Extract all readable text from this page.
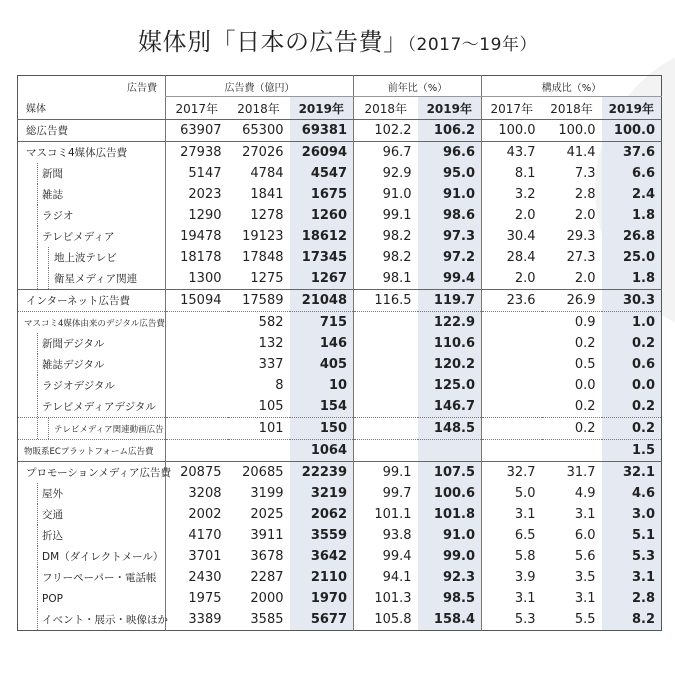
媒体別「日本の広告費」（2017〜19年）
広告費	広告費（億円）			前年比（%）		構成比（%）		
媒体	2017年	2018年	2019年	2018年	2019年	2017年	2018年	2019年
総広告費	63907	65300	69381	102.2	106.2	100.0	100.0	100.0
マスコミ4媒体広告費	27938	27026	26094	96.7	96.6	43.7	41.4	37.6
新聞	5147	4784	4547	92.9	95.0	8.1	7.3	6.6
雑誌	2023	1841	1675	91.0	91.0	3.2	2.8	2.4
ラジオ	1290	1278	1260	99.1	98.6	2.0	2.0	1.8
テレビメディア	19478	19123	18612	98.2	97.3	30.4	29.3	26.8
地上波テレビ	18178	17848	17345	98.2	97.2	28.4	27.3	25.0
衛星メディア関連	1300	1275	1267	98.1	99.4	2.0	2.0	1.8
インターネット広告費	15094	17589	21048	116.5	119.7	23.6	26.9	30.3
マスコミ4媒体由来のデジタル広告費		582	715		122.9		0.9	1.0
新聞デジタル		132	146		110.6		0.2	0.2
雑誌デジタル		337	405		120.2		0.5	0.6
ラジオデジタル		8	10		125.0		0.0	0.0
テレビメディアデジタル		105	154		146.7		0.2	0.2
テレビメディア関連動画広告		101	150		148.5		0.2	0.2
物販系ECプラットフォーム広告費			1064					1.5
プロモーションメディア広告費	20875	20685	22239	99.1	107.5	32.7	31.7	32.1
屋外	3208	3199	3219	99.7	100.6	5.0	4.9	4.6
交通	2002	2025	2062	101.1	101.8	3.1	3.1	3.0
折込	4170	3911	3559	93.8	91.0	6.5	6.0	5.1
DM（ダイレクトメール）	3701	3678	3642	99.4	99.0	5.8	5.6	5.3
フリーペーパー・電話帳	2430	2287	2110	94.1	92.3	3.9	3.5	3.1
POP	1975	2000	1970	101.3	98.5	3.1	3.1	2.8
イベント・展示・映像ほか	3389	3585	5677	105.8	158.4	5.3	5.5	8.2
